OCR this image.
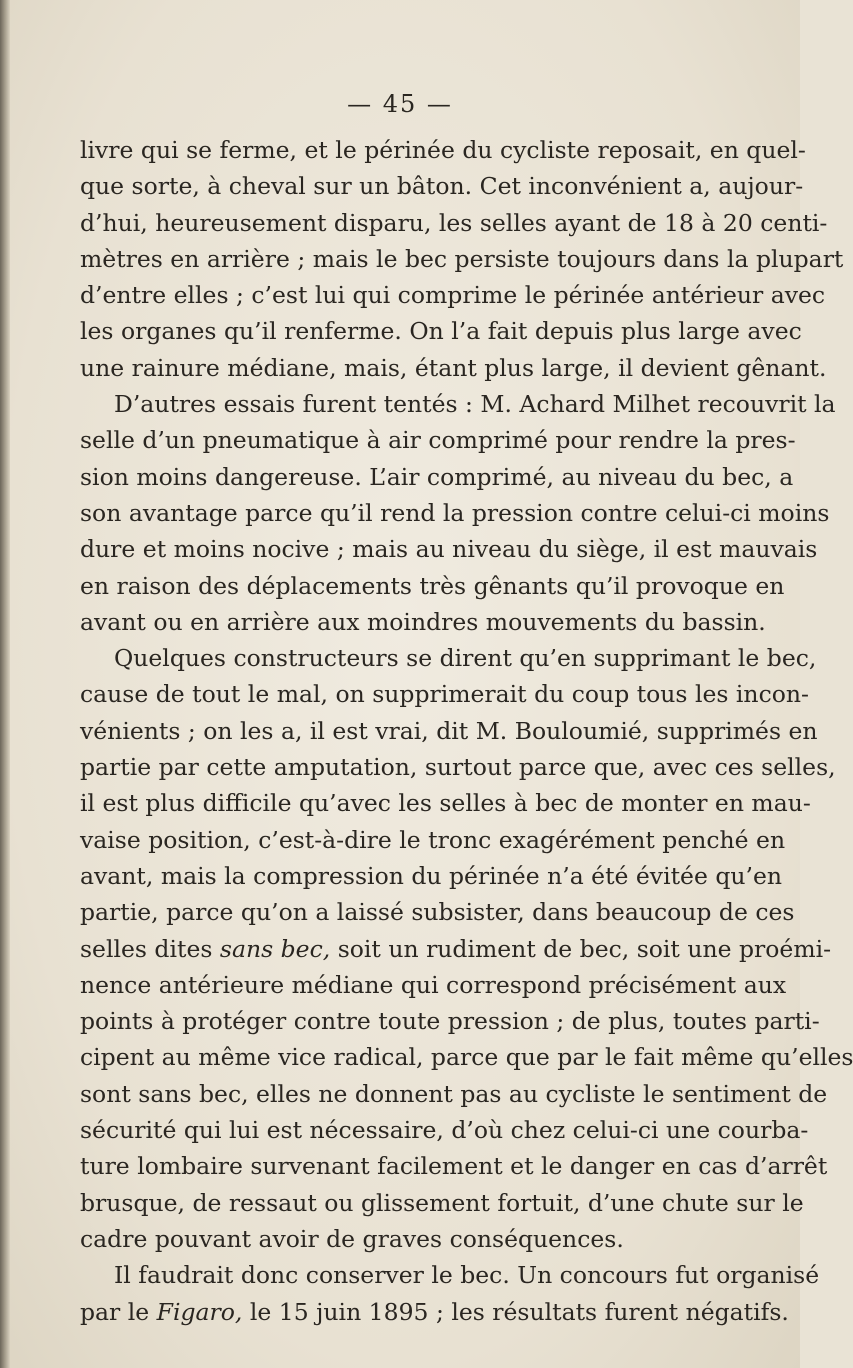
— 45 —
livre qui se ferme, et le périnée du cycliste reposait, en quel-
que sorte, à cheval sur un bâton. Cet inconvénient a, aujour-
d’hui, heureusement disparu, les selles ayant de 18 à 20 centi-
mètres en arrière ; mais le bec persiste toujours dans la plupart
d’entre elles ; c’est lui qui comprime le périnée antérieur avec
les organes qu’il renferme. On l’a fait depuis plus large avec
une rainure médiane, mais, étant plus large, il devient gênant.
D’autres essais furent tentés : M. Achard Milhet recouvrit la
selle d’un pneumatique à air comprimé pour rendre la pres-
sion moins dangereuse. L’air comprimé, au niveau du bec, a
son avantage parce qu’il rend la pression contre celui-ci moins
dure et moins nocive ; mais au niveau du siège, il est mauvais
en raison des déplacements très gênants qu’il provoque en
avant ou en arrière aux moindres mouvements du bassin.
Quelques constructeurs se dirent qu’en supprimant le bec,
cause de tout le mal, on supprimerait du coup tous les incon-
vénients ; on les a, il est vrai, dit M. Bouloumié, supprimés en
partie par cette amputation, surtout parce que, avec ces selles,
il est plus difficile qu’avec les selles à bec de monter en mau-
vaise position, c’est-à-dire le tronc exagérément penché en
avant, mais la compression du périnée n’a été évitée qu’en
partie, parce qu’on a laissé subsister, dans beaucoup de ces
selles dites sans bec, soit un rudiment de bec, soit une proémi-
nence antérieure médiane qui correspond précisément aux
points à protéger contre toute pression ; de plus, toutes parti-
cipent au même vice radical, parce que par le fait même qu’elles
sont sans bec, elles ne donnent pas au cycliste le sentiment de
sécurité qui lui est nécessaire, d’où chez celui-ci une courba-
ture lombaire survenant facilement et le danger en cas d’arrêt
brusque, de ressaut ou glissement fortuit, d’une chute sur le
cadre pouvant avoir de graves conséquences.
Il faudrait donc conserver le bec. Un concours fut organisé
par le Figaro, le 15 juin 1895 ; les résultats furent négatifs.
